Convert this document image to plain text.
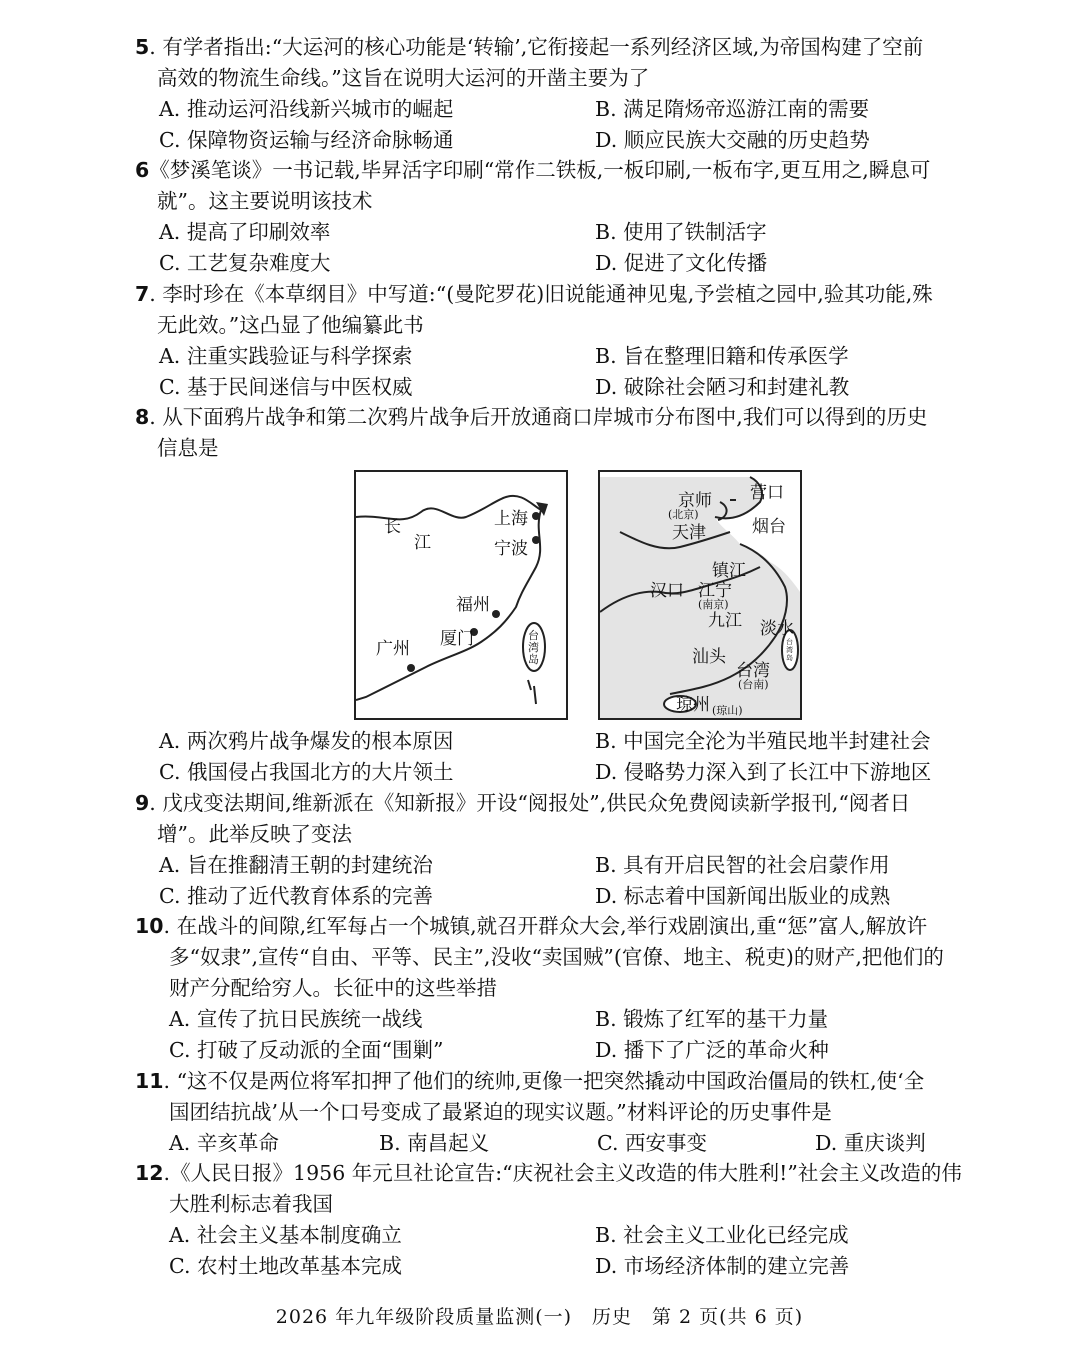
5. 有学者指出:“大运河的核心功能是‘转输’,它衔接起一系列经济区域,为帝国构建了空前
高效的物流生命线。”这旨在说明大运河的开凿主要为了
A. 推动运河沿线新兴城市的崛起	B. 满足隋炀帝巡游江南的需要
C. 保障物资运输与经济命脉畅通	D. 顺应民族大交融的历史趋势
6《梦溪笔谈》一书记载,毕昇活字印刷“常作二铁板,一板印刷,一板布字,更互用之,瞬息可
就”。这主要说明该技术
A. 提高了印刷效率	B. 使用了铁制活字
C. 工艺复杂难度大	D. 促进了文化传播
7. 李时珍在《本草纲目》中写道:“(曼陀罗花)旧说能通神见鬼,予尝植之园中,验其功能,殊
无此效。”这凸显了他编纂此书
A. 注重实践验证与科学探索	B. 旨在整理旧籍和传承医学
C. 基于民间迷信与中医权威	D. 破除社会陋习和封建礼教
8. 从下面鸦片战争和第二次鸦片战争后开放通商口岸城市分布图中,我们可以得到的历史
信息是
长
江
上海
宁波
福州
厦门
广州
台湾岛
营口
京师
(北京)
天津	烟台
镇江
江宁
(南京)
汉口
九江 淡水
台湾岛
汕头
台湾
(台南)
琼州 (琼山)
A. 两次鸦片战争爆发的根本原因	B. 中国完全沦为半殖民地半封建社会
C. 俄国侵占我国北方的大片领土	D. 侵略势力深入到了长江中下游地区
9. 戊戌变法期间,维新派在《知新报》开设“阅报处”,供民众免费阅读新学报刊,“阅者日
增”。此举反映了变法
A. 旨在推翻清王朝的封建统治	B. 具有开启民智的社会启蒙作用
C. 推动了近代教育体系的完善	D. 标志着中国新闻出版业的成熟
10. 在战斗的间隙,红军每占一个城镇,就召开群众大会,举行戏剧演出,重“惩”富人,解放许
多“奴隶”,宣传“自由、平等、民主”,没收“卖国贼”(官僚、地主、税吏)的财产,把他们的
财产分配给穷人。长征中的这些举措
A. 宣传了抗日民族统一战线	B. 锻炼了红军的基干力量
C. 打破了反动派的全面“围剿”	D. 播下了广泛的革命火种
11. “这不仅是两位将军扣押了他们的统帅,更像一把突然撬动中国政治僵局的铁杠,使‘全
国团结抗战’从一个口号变成了最紧迫的现实议题。”材料评论的历史事件是
A. 辛亥革命	B. 南昌起义	C. 西安事变	D. 重庆谈判
12.《人民日报》1956 年元旦社论宣告:“庆祝社会主义改造的伟大胜利!”社会主义改造的伟
大胜利标志着我国
A. 社会主义基本制度确立	B. 社会主义工业化已经完成
C. 农村土地改革基本完成	D. 市场经济体制的建立完善
2026 年九年级阶段质量监测(一)　历史　第 2 页(共 6 页)
